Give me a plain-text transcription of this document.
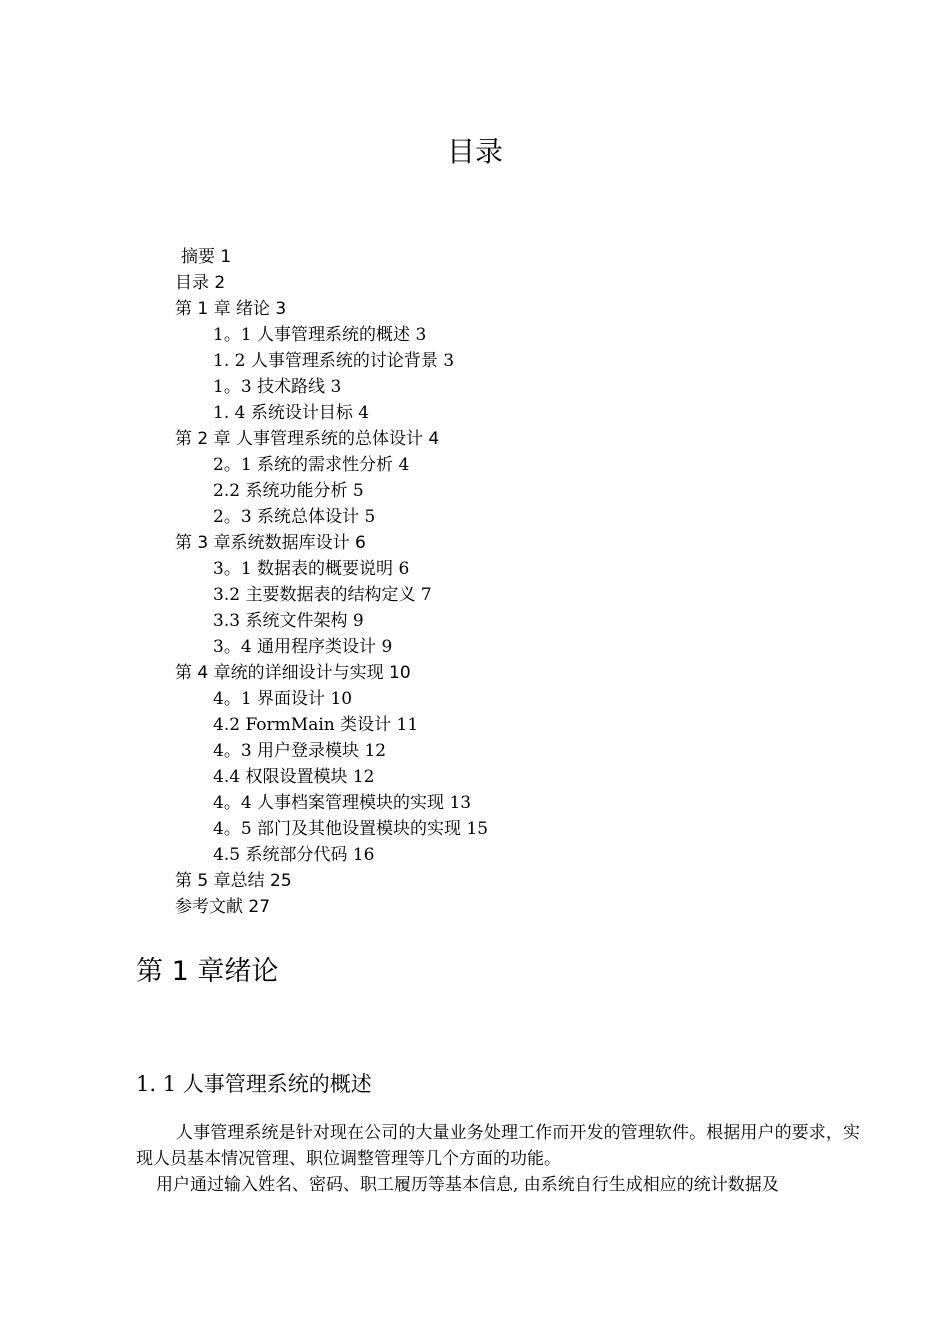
目录
摘要 1
目录 2
第 1 章 绪论 3
1。1 人事管理系统的概述 3
1. 2 人事管理系统的讨论背景 3
1。3 技术路线 3
1. 4 系统设计目标 4
第 2 章 人事管理系统的总体设计 4
2。1 系统的需求性分析 4
2.2 系统功能分析 5
2。3 系统总体设计 5
第 3 章系统数据库设计 6
3。1 数据表的概要说明 6
3.2 主要数据表的结构定义 7
3.3 系统文件架构 9
3。4 通用程序类设计 9
第 4 章统的详细设计与实现 10
4。1 界面设计 10
4.2 FormMain 类设计 11
4。3 用户登录模块 12
4.4 权限设置模块 12
4。4 人事档案管理模块的实现 13
4。5 部门及其他设置模块的实现 15
4.5 系统部分代码 16
第 5 章总结 25
参考文献 27
第 1 章绪论
1. 1 人事管理系统的概述

人事管理系统是针对现在公司的大量业务处理工作而开发的管理软件。根据用户的要求，实现人员基本情况管理、职位调整管理等几个方面的功能。

用户通过输入姓名、密码、职工履历等基本信息, 由系统自行生成相应的统计数据及
